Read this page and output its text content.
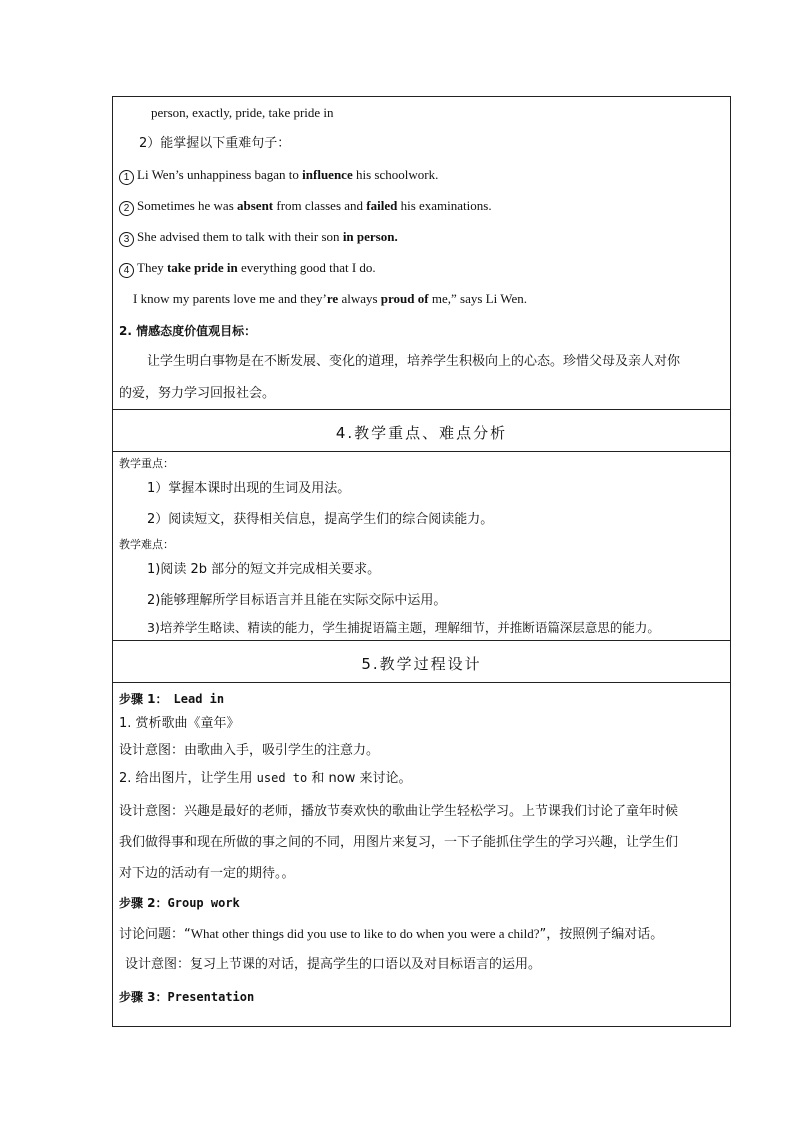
person, exactly, pride, take pride in
2）能掌握以下重难句子：
1 Li Wen’s unhappiness bagan to influence his schoolwork.
2 Sometimes he was absent from classes and failed his examinations.
3 She advised them to talk with their son in person.
4 They take pride in everything good that I do.
I know my parents love me and they’re always proud of me,” says Li Wen.
2. 情感态度价值观目标：
让学生明白事物是在不断发展、变化的道理，培养学生积极向上的心态。珍惜父母及亲人对你
的爱，努力学习回报社会。
4.教学重点、难点分析
教学重点：
1）掌握本课时出现的生词及用法。
2）阅读短文，获得相关信息，提高学生们的综合阅读能力。
教学难点：
1)阅读 2b 部分的短文并完成相关要求。
2)能够理解所学目标语言并且能在实际交际中运用。
3)培养学生略读、精读的能力，学生捕捉语篇主题，理解细节，并推断语篇深层意思的能力。
5.教学过程设计
步骤 1： Lead in
1. 赏析歌曲《童年》
设计意图：由歌曲入手，吸引学生的注意力。
2. 给出图片，让学生用 used to 和 now 来讨论。
设计意图：兴趣是最好的老师，播放节奏欢快的歌曲让学生轻松学习。上节课我们讨论了童年时候
我们做得事和现在所做的事之间的不同，用图片来复习，一下子能抓住学生的学习兴趣，让学生们
对下边的活动有一定的期待。。
步骤 2：Group work
讨论问题：“What other things did you use to like to do when you were a child?”，按照例子编对话。
设计意图：复习上节课的对话，提高学生的口语以及对目标语言的运用。
步骤 3：Presentation
